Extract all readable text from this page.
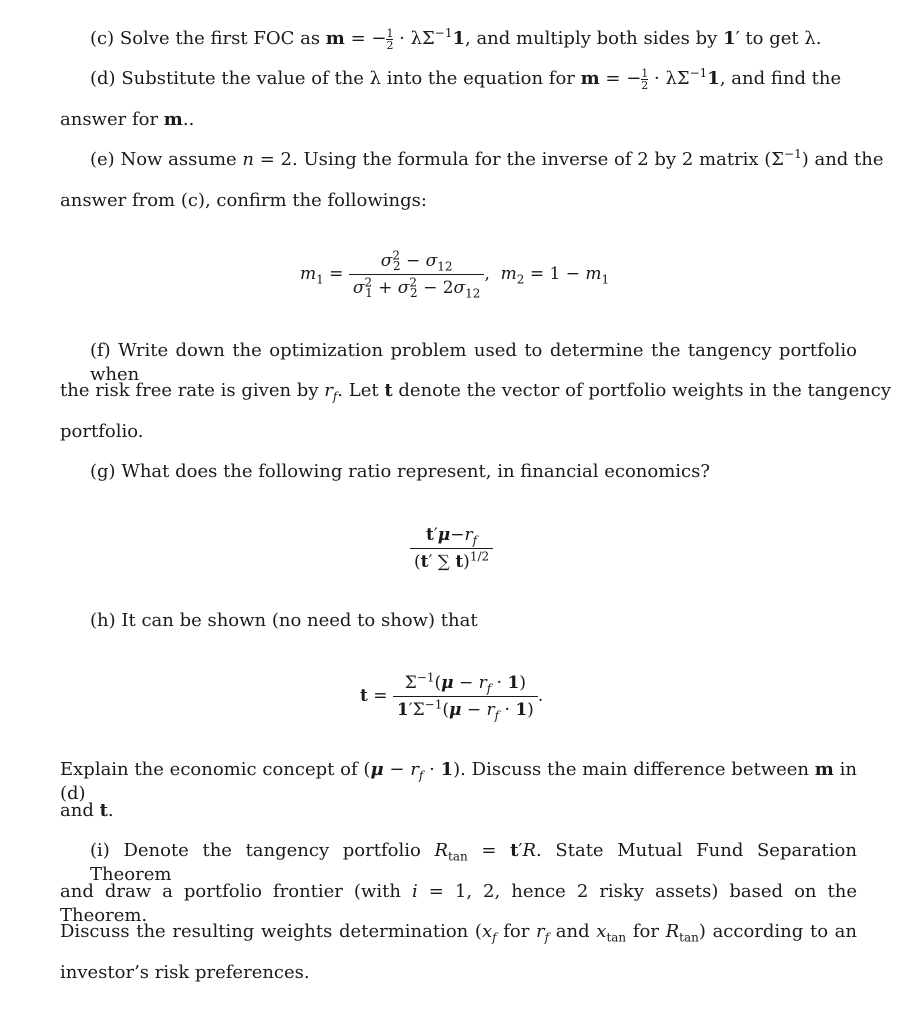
(c) Solve the first FOC as m = − $\frac{1}{2} \cdot \lambda\Sigma^{-1}1$, and multiply both sides by 1′ to get λ.
(d) Substitute the value of the λ into the equation for m = − $\frac{1}{2} \cdot \lambda\Sigma^{-1}1$, and find the
answer for m..
(e) Now assume n = 2. Using the formula for the inverse of 2 by 2 matrix $(\Sigma^{-1})$ and the
answer from (c), confirm the followings:
$m_1 = \frac{\sigma^2_2 - \sigma_{12}}{\sigma^2_1 + \sigma^2_2 - 2\sigma_{12}}$ ,  $m_2 = 1 - m_1$
(f) Write down the optimization problem used to determine the tangency portfolio when
the risk free rate is given by $r_f$. Let t denote the vector of portfolio weights in the tangency
portfolio.
(g) What does the following ratio represent, in financial economics?
$\frac{t'\mu-r_f}{(t' \sum t)^{1/2}}$
(h) It can be shown (no need to show) that
$t = \frac{\Sigma^{-1}(\mu - r_f \cdot 1)}{1'\Sigma^{-1}(\mu - r_f \cdot 1)}$ .
Explain the economic concept of $(\mu - r_f \cdot 1)$. Discuss the main difference between m in (d)
and t.
(i) Denote the tangency portfolio $R_{tan} = t'R$. State Mutual Fund Separation Theorem
and draw a portfolio frontier (with i = 1, 2, hence 2 risky assets) based on the Theorem.
Discuss the resulting weights determination ($x_f$ for $r_f$ and $x_{tan}$ for $R_{tan}$) according to an
investor’s risk preferences.
